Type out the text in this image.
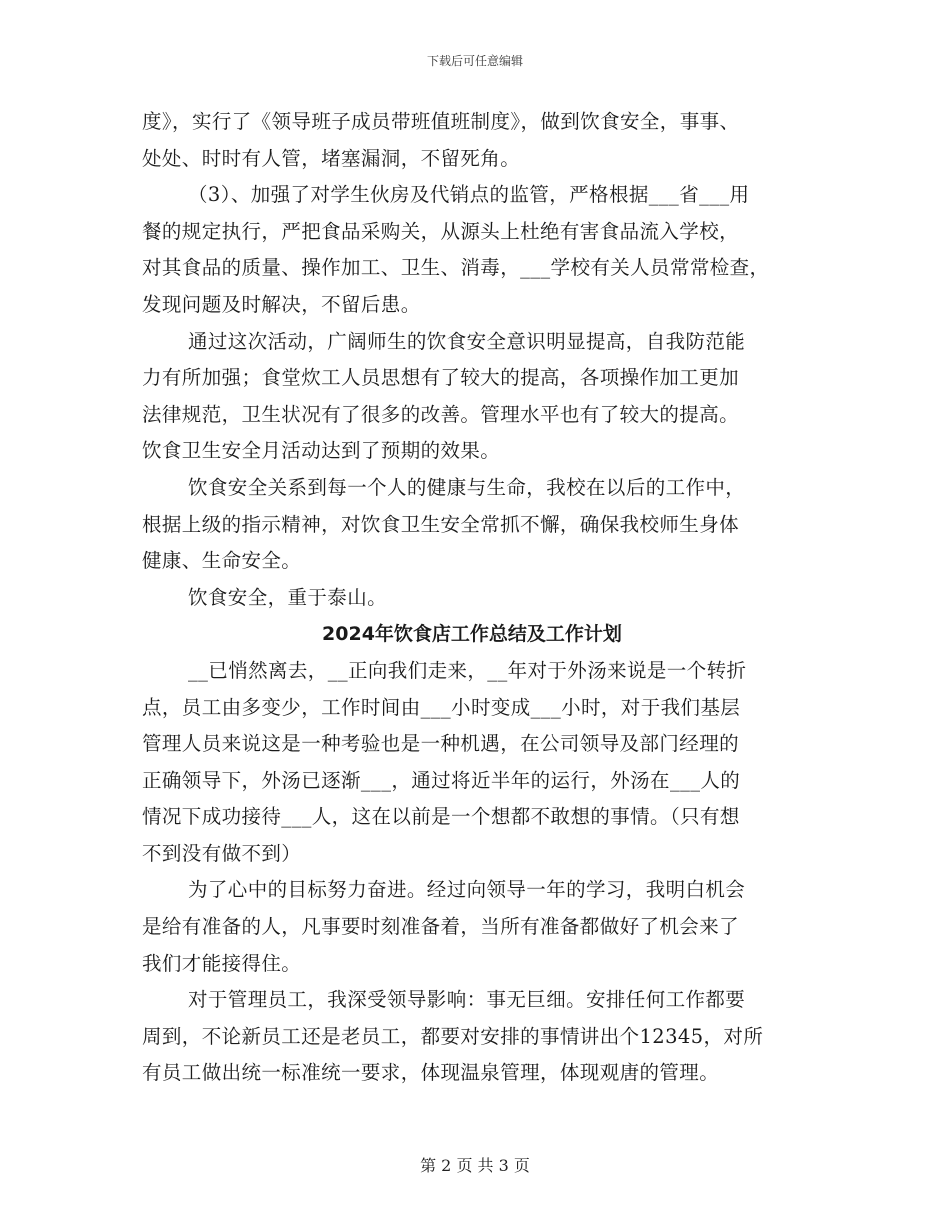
下载后可任意编辑
度》，实行了《领导班子成员带班值班制度》，做到饮食安全，事事、
处处、时时有人管，堵塞漏洞，不留死角。
（3）、加强了对学生伙房及代销点的监管，严格根据___省___用
餐的规定执行，严把食品采购关，从源头上杜绝有害食品流入学校，
对其食品的质量、操作加工、卫生、消毒，___学校有关人员常常检查，
发现问题及时解决，不留后患。
通过这次活动，广阔师生的饮食安全意识明显提高，自我防范能
力有所加强；食堂炊工人员思想有了较大的提高，各项操作加工更加
法律规范，卫生状况有了很多的改善。管理水平也有了较大的提高。
饮食卫生安全月活动达到了预期的效果。
饮食安全关系到每一个人的健康与生命，我校在以后的工作中，
根据上级的指示精神，对饮食卫生安全常抓不懈，确保我校师生身体
健康、生命安全。
饮食安全，重于泰山。
2024年饮食店工作总结及工作计划
__已悄然离去，__正向我们走来，__年对于外汤来说是一个转折
点，员工由多变少，工作时间由___小时变成___小时，对于我们基层
管理人员来说这是一种考验也是一种机遇，在公司领导及部门经理的
正确领导下，外汤已逐渐___，通过将近半年的运行，外汤在___人的
情况下成功接待___人，这在以前是一个想都不敢想的事情。（只有想
不到没有做不到）
为了心中的目标努力奋进。经过向领导一年的学习，我明白机会
是给有准备的人，凡事要时刻准备着，当所有准备都做好了机会来了
我们才能接得住。
对于管理员工，我深受领导影响：事无巨细。安排任何工作都要
周到，不论新员工还是老员工，都要对安排的事情讲出个12345，对所
有员工做出统一标准统一要求，体现温泉管理，体现观唐的管理。
第 2 页 共 3 页
